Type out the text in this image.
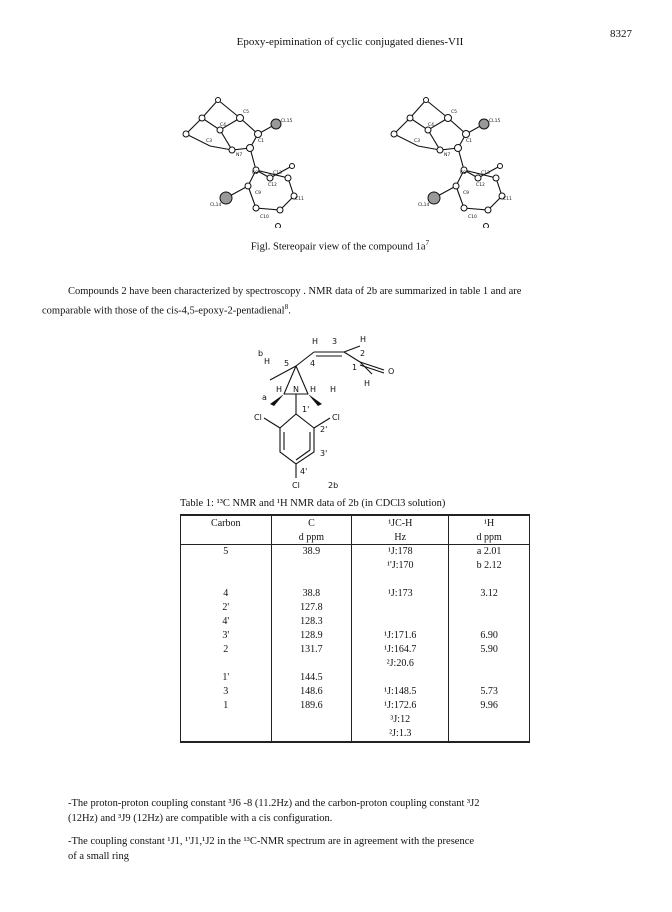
Epoxy-epimination of cyclic conjugated dienes-VII
8327
C5
C4
C3	C1
N7
CL15
C8	C13
C12
C9
C11
C10
CL14
C5
C4
C3	C1
N7
CL15
C8	C13
C12
C9
C11
C10
CL14
Figl. Stereopair view of the compound $1a^7$
Compounds 2 have been characterized by spectroscopy . NMR data of 2b are summarized in table 1 and are
comparable with those of the cis-4,5-epoxy-2-pentadienal$^8$.
H 3	H
b
H 5	4
2
1	O
H
a
H N H H
Cl
1'
Cl
2'
3'
4'
Cl	2b
Table 1: ¹³C NMR and ¹H NMR data of 2b (in CDCl3 solution)
Carbon	C	¹JC-H	¹H
	d ppm	Hz	d ppm
5	38.9	¹J:178	a 2.01
		¹'J:170	b 2.12

4	38.8	¹J:173	3.12
2'	127.8		
4'	128.3		
3'	128.9	¹J:171.6	6.90
2	131.7	¹J:164.7	5.90
		²J:20.6	
1'	144.5		
3	148.6	¹J:148.5	5.73
1	189.6	¹J:172.6	9.96
		³J:12	
		²J:1.3	

-The proton-proton coupling constant ³J6 -8 (11.2Hz) and the carbon-proton coupling constant ³J2
(12Hz) and ³J9 (12Hz) are compatible with a cis configuration.

-The coupling constant ¹J1, ¹'J1,¹J2 in the ¹³C-NMR spectrum are in agreement with the presence
of a small ring
